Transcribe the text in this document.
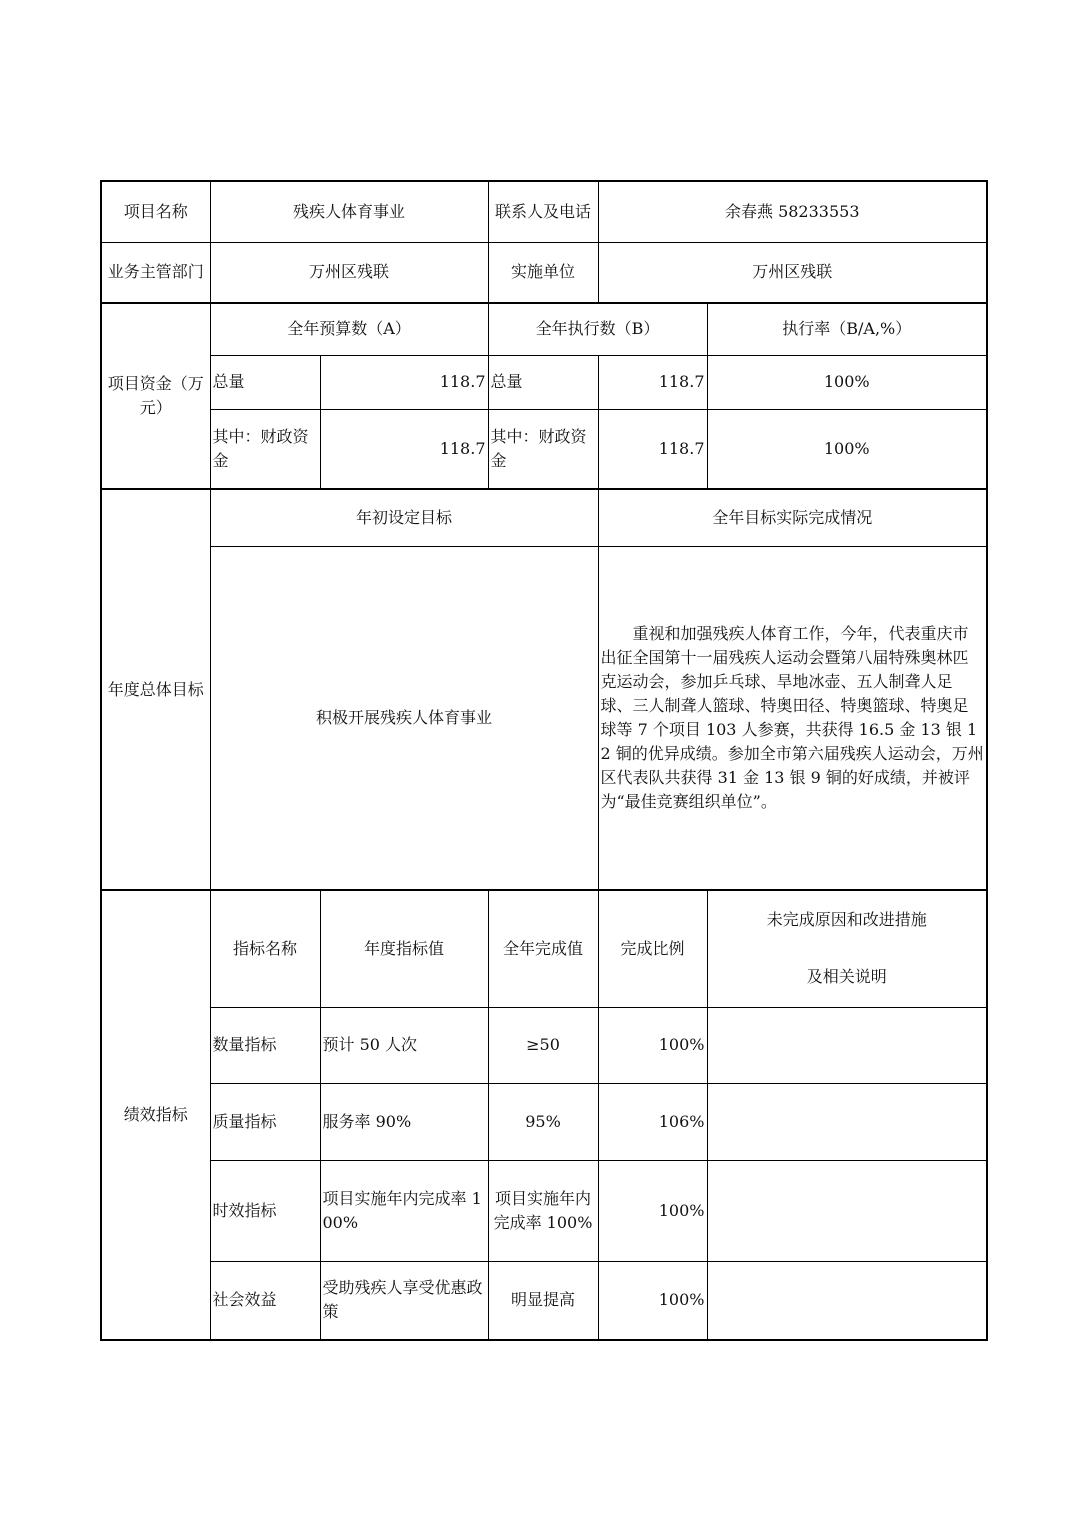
项目名称	残疾人体育事业		联系人及电话	余春燕 58233553	
业务主管部门	万州区残联		实施单位	万州区残联	
项目资金（万元）	全年预算数（A）		全年执行数（B）		执行率（B/A,%）
	总量	118.7	总量	118.7	100%
	其中：财政资金	118.7	其中：财政资金	118.7	100%
年度总体目标	年初设定目标			全年目标实际完成情况	
	积极开展残疾人体育事业			重视和加强残疾人体育工作，今年，代表重庆市出征全国第十一届残疾人运动会暨第八届特殊奥林匹克运动会，参加乒乓球、旱地冰壶、五人制聋人足球、三人制聋人篮球、特奥田径、特奥篮球、特奥足球等 7 个项目 103 人参赛，共获得 16.5 金 13 银 12 铜的优异成绩。参加全市第六届残疾人运动会，万州区代表队共获得 31 金 13 银 9 铜的好成绩，并被评为“最佳竞赛组织单位”。	
绩效指标	指标名称	年度指标值	全年完成值	完成比例	未完成原因和改进措施
及相关说明
	数量指标	预计 50 人次	≥50	100%	
	质量指标	服务率 90%	95%	106%	
	时效指标	项目实施年内完成率 100%	项目实施年内完成率 100%	100%	
	社会效益	受助残疾人享受优惠政策	明显提高	100%	
